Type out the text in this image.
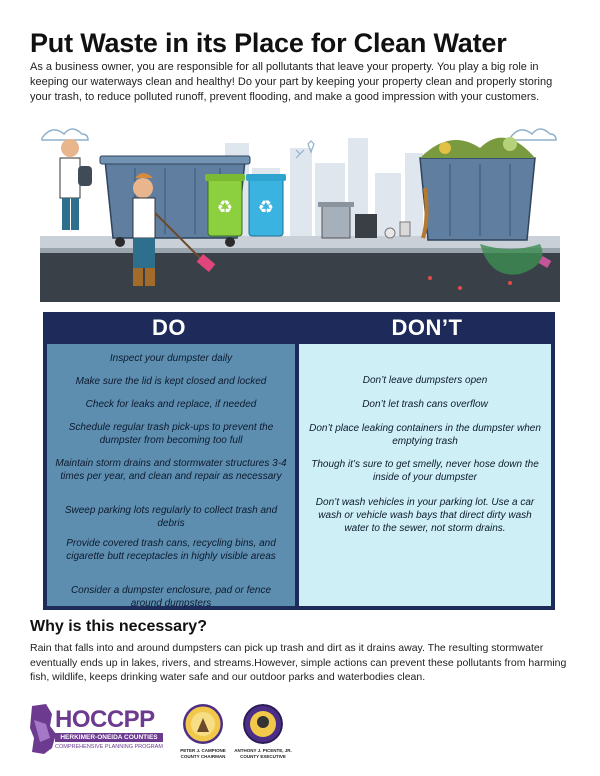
Put Waste in its Place for Clean Water

As a business owner, you are responsible for all pollutants that leave your property. You play a big role in keeping our waterways clean and healthy! Do your part by keeping your property clean and properly storing your trash, to reduce polluted runoff, prevent flooding, and make a good impression with your customers.

♻ ♻
DO	DON’T
Inspect your dumpster daily
Make sure the lid is kept closed and locked
Check for leaks and replace, if needed
Schedule regular trash pick-ups to prevent the dumpster from becoming too full
Maintain storm drains and stormwater structures 3-4 times per year, and clean and repair as necessary
Sweep parking lots regularly to collect trash and debris
Provide covered trash cans, recycling bins, and cigarette butt receptacles in highly visible areas
Consider a dumpster enclosure, pad or fence around dumpsters
Don’t leave dumpsters open
Don’t let trash cans overflow
Don’t place leaking containers in the dumpster when emptying trash
Though it’s sure to get smelly, never hose down the inside of your dumpster
Don’t wash vehicles in your parking lot. Use a car wash or vehicle wash bays that direct dirty wash water to the sewer, not storm drains.
Why is this necessary?

Rain that falls into and around dumpsters can pick up trash and dirt as it drains away. The resulting stormwater eventually ends up in lakes, rivers, and streams.However, simple actions can prevent these pollutants from harming fish, wildlife, keeps drinking water safe and our outdoor parks and waterbodies clean.

HOCCPP
HERKIMER-ONEIDA COUNTIES
COMPREHENSIVE PLANNING PROGRAM
PETER J. CAMPIONE
COUNTY CHAIRMAN
ANTHONY J. PICENTE, JR.
COUNTY EXECUTIVE
